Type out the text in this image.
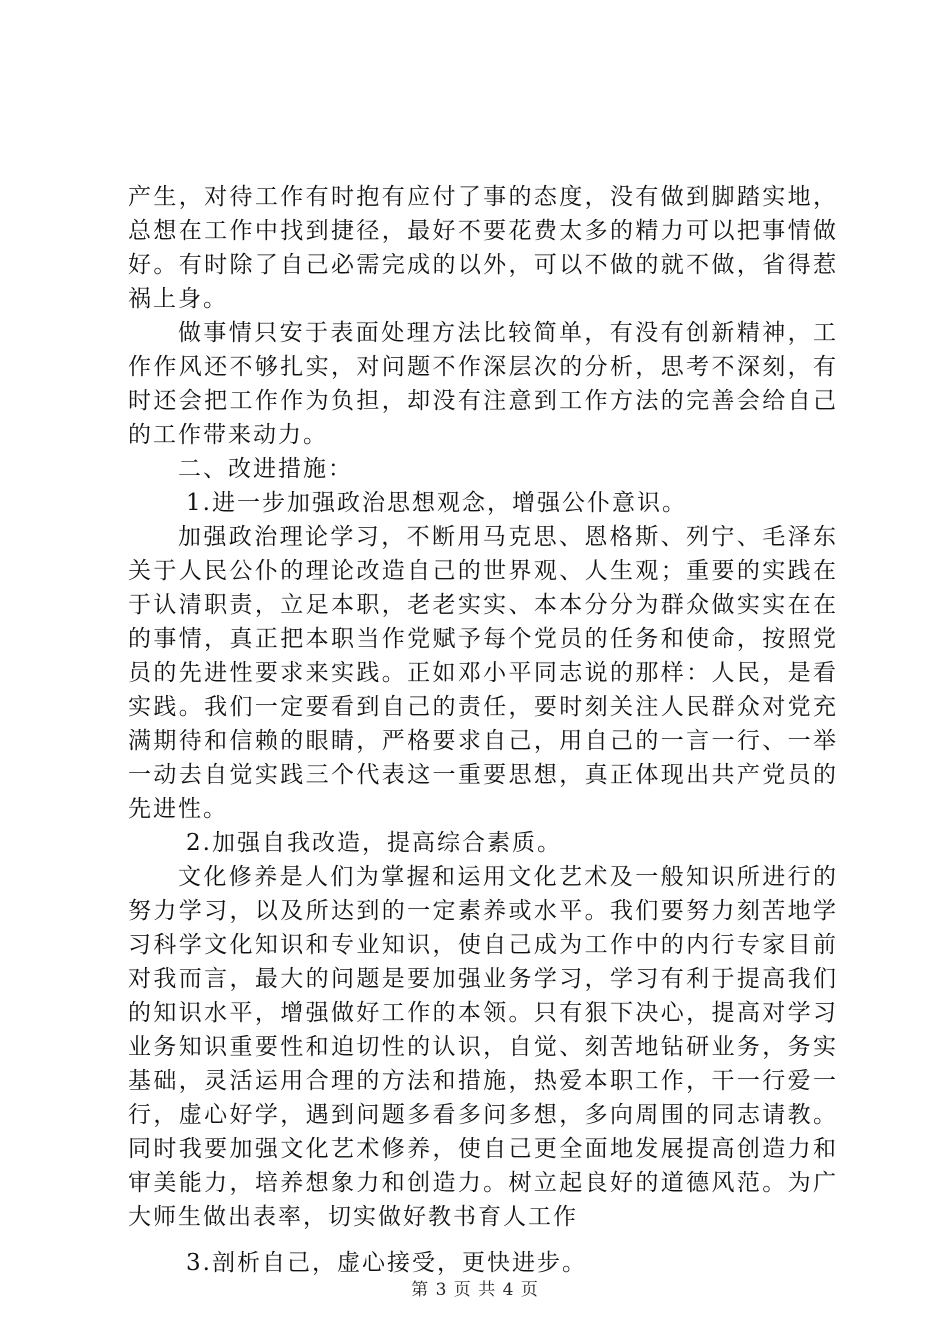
产生，对待工作有时抱有应付了事的态度，没有做到脚踏实地，总想在工作中找到捷径，最好不要花费太多的精力可以把事情做好。有时除了自己必需完成的以外，可以不做的就不做，省得惹祸上身。

做事情只安于表面处理方法比较简单，有没有创新精神，工作作风还不够扎实，对问题不作深层次的分析，思考不深刻，有时还会把工作作为负担，却没有注意到工作方法的完善会给自己的工作带来动力。

二、改进措施：

1.进一步加强政治思想观念，增强公仆意识。

加强政治理论学习，不断用马克思、恩格斯、列宁、毛泽东关于人民公仆的理论改造自己的世界观、人生观；重要的实践在于认清职责，立足本职，老老实实、本本分分为群众做实实在在的事情，真正把本职当作党赋予每个党员的任务和使命，按照党员的先进性要求来实践。正如邓小平同志说的那样：人民，是看实践。我们一定要看到自己的责任，要时刻关注人民群众对党充满期待和信赖的眼睛，严格要求自己，用自己的一言一行、一举一动去自觉实践三个代表这一重要思想，真正体现出共产党员的先进性。

2.加强自我改造，提高综合素质。

文化修养是人们为掌握和运用文化艺术及一般知识所进行的努力学习，以及所达到的一定素养或水平。我们要努力刻苦地学习科学文化知识和专业知识，使自己成为工作中的内行专家目前对我而言，最大的问题是要加强业务学习，学习有利于提高我们的知识水平，增强做好工作的本领。只有狠下决心，提高对学习业务知识重要性和迫切性的认识，自觉、刻苦地钻研业务，务实基础，灵活运用合理的方法和措施，热爱本职工作，干一行爱一行，虚心好学，遇到问题多看多问多想，多向周围的同志请教。同时我要加强文化艺术修养，使自己更全面地发展提高创造力和审美能力，培养想象力和创造力。树立起良好的道德风范。为广大师生做出表率，切实做好教书育人工作

3.剖析自己，虚心接受，更快进步。

第 3 页 共 4 页
